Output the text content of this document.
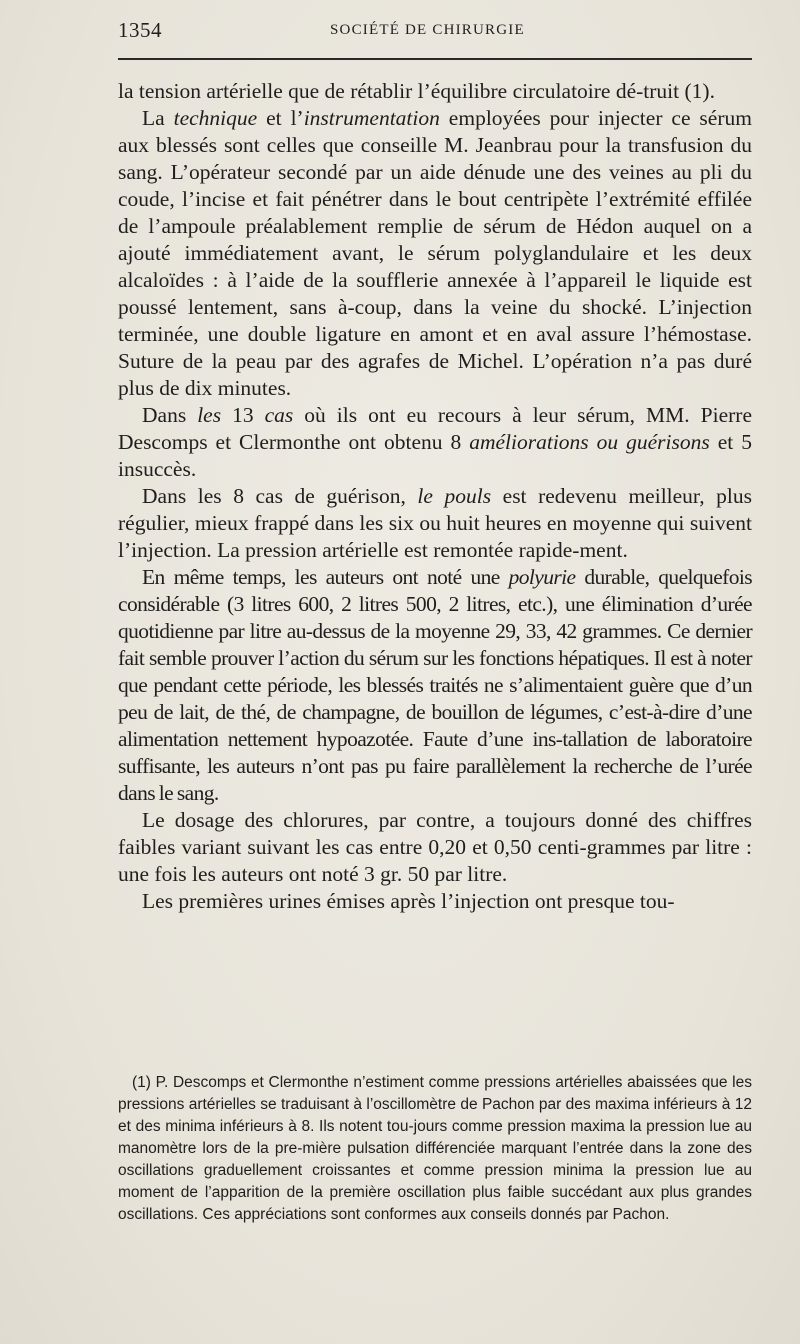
1354	SOCIÉTÉ DE CHIRURGIE

la tension artérielle que de rétablir l’équilibre circulatoire dé-truit (1).

La technique et l’instrumentation employées pour injecter ce sérum aux blessés sont celles que conseille M. Jeanbrau pour la transfusion du sang. L’opérateur secondé par un aide dénude une des veines au pli du coude, l’incise et fait pénétrer dans le bout centripète l’extrémité effilée de l’ampoule préalablement remplie de sérum de Hédon auquel on a ajouté immédiatement avant, le sérum polyglandulaire et les deux alcaloïdes : à l’aide de la soufflerie annexée à l’appareil le liquide est poussé lentement, sans à-coup, dans la veine du shocké. L’injection terminée, une double ligature en amont et en aval assure l’hémostase. Suture de la peau par des agrafes de Michel. L’opération n’a pas duré plus de dix minutes.

Dans les 13 cas où ils ont eu recours à leur sérum, MM. Pierre Descomps et Clermonthe ont obtenu 8 améliorations ou guérisons et 5 insuccès.

Dans les 8 cas de guérison, le pouls est redevenu meilleur, plus régulier, mieux frappé dans les six ou huit heures en moyenne qui suivent l’injection. La pression artérielle est remontée rapide-ment.

En même temps, les auteurs ont noté une polyurie durable, quelquefois considérable (3 litres 600, 2 litres 500, 2 litres, etc.), une élimination d’urée quotidienne par litre au-dessus de la moyenne 29, 33, 42 grammes. Ce dernier fait semble prouver l’action du sérum sur les fonctions hépatiques. Il est à noter que pendant cette période, les blessés traités ne s’alimentaient guère que d’un peu de lait, de thé, de champagne, de bouillon de légumes, c’est-à-dire d’une alimentation nettement hypoazotée. Faute d’une ins-tallation de laboratoire suffisante, les auteurs n’ont pas pu faire parallèlement la recherche de l’urée dans le sang.

Le dosage des chlorures, par contre, a toujours donné des chiffres faibles variant suivant les cas entre 0,20 et 0,50 centi-grammes par litre : une fois les auteurs ont noté 3 gr. 50 par litre.

Les premières urines émises après l’injection ont presque tou-

(1) P. Descomps et Clermonthe n’estiment comme pressions artérielles abaissées que les pressions artérielles se traduisant à l’oscillomètre de Pachon par des maxima inférieurs à 12 et des minima inférieurs à 8. Ils notent tou-jours comme pression maxima la pression lue au manomètre lors de la pre-mière pulsation différenciée marquant l’entrée dans la zone des oscillations graduellement croissantes et comme pression minima la pression lue au moment de l’apparition de la première oscillation plus faible succédant aux plus grandes oscillations. Ces appréciations sont conformes aux conseils donnés par Pachon.
